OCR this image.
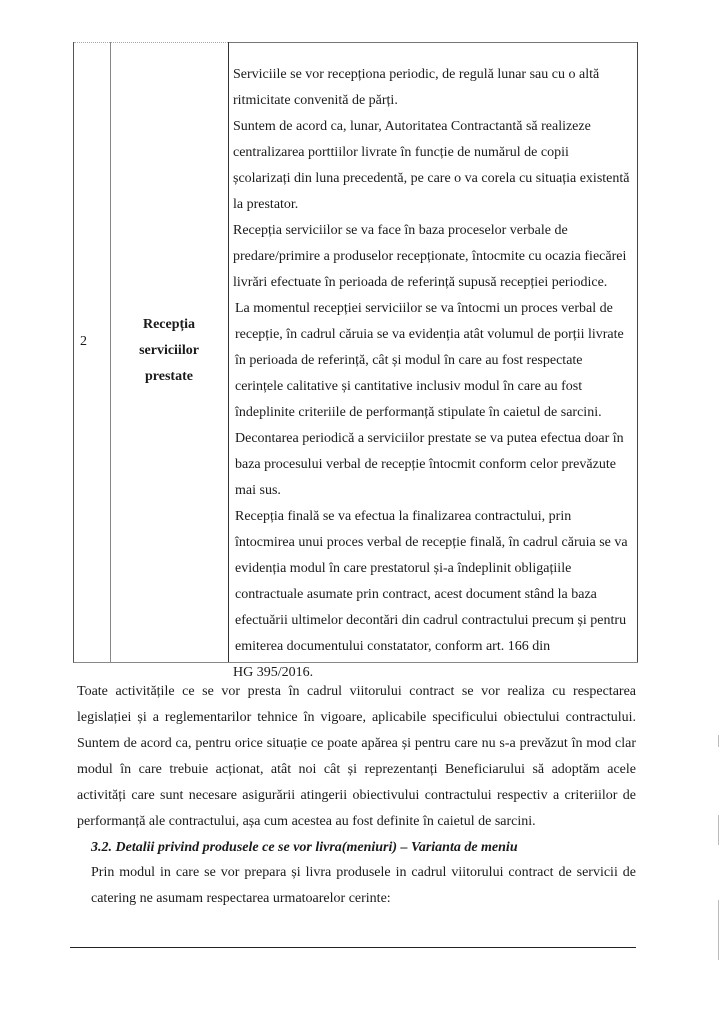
2
Recepția
serviciilor
prestate

Serviciile se vor recepționa periodic, de regulă lunar sau cu o altă

ritmicitate convenită de părți.

Suntem de acord ca, lunar, Autoritatea Contractantă să realizeze

centralizarea porttiilor livrate în funcție de numărul de copii

școlarizați din luna precedentă, pe care o va corela cu situația existentă

la prestator.

Recepția serviciilor se va face în baza proceselor verbale de

predare/primire a produselor recepționate, întocmite cu ocazia fiecărei

livrări efectuate în perioada de referință supusă recepției periodice.

La momentul recepției serviciilor se va întocmi un proces verbal de

recepție, în cadrul căruia se va evidenția atât volumul de porții livrate

în perioada de referință, cât și modul în care au fost respectate

cerințele calitative și cantitative inclusiv modul în care au fost

îndeplinite criteriile de performanță stipulate în caietul de sarcini.

Decontarea periodică a serviciilor prestate se va putea efectua doar în

baza procesului verbal de recepție întocmit conform celor prevăzute

mai sus.

Recepția finală se va efectua la finalizarea contractului, prin

întocmirea unui proces verbal de recepție finală, în cadrul căruia se va

evidenția modul în care prestatorul și-a îndeplinit obligațiile

contractuale asumate prin contract, acest document stând la baza

efectuării ultimelor decontări din cadrul contractului precum și pentru

emiterea documentului constatator, conform art. 166 din

HG 395/2016.

Toate activitățile ce se vor presta în cadrul viitorului contract se vor realiza cu respectarea legislației și a reglementarilor tehnice în vigoare, aplicabile specificului obiectului contractului. Suntem de acord ca, pentru orice situație ce poate apărea și pentru care nu s-a prevăzut în mod clar modul în care trebuie acționat, atât noi cât și reprezentanți Beneficiarului să adoptăm acele activități care sunt necesare asigurării atingerii obiectivului contractului respectiv a criteriilor de performanță ale contractului, așa cum acestea au fost definite în caietul de sarcini.
3.2. Detalii privind produsele ce se vor livra(meniuri) – Varianta de meniu
Prin modul in care se vor prepara și livra produsele in cadrul viitorului contract de servicii de catering ne asumam respectarea urmatoarelor cerinte:
